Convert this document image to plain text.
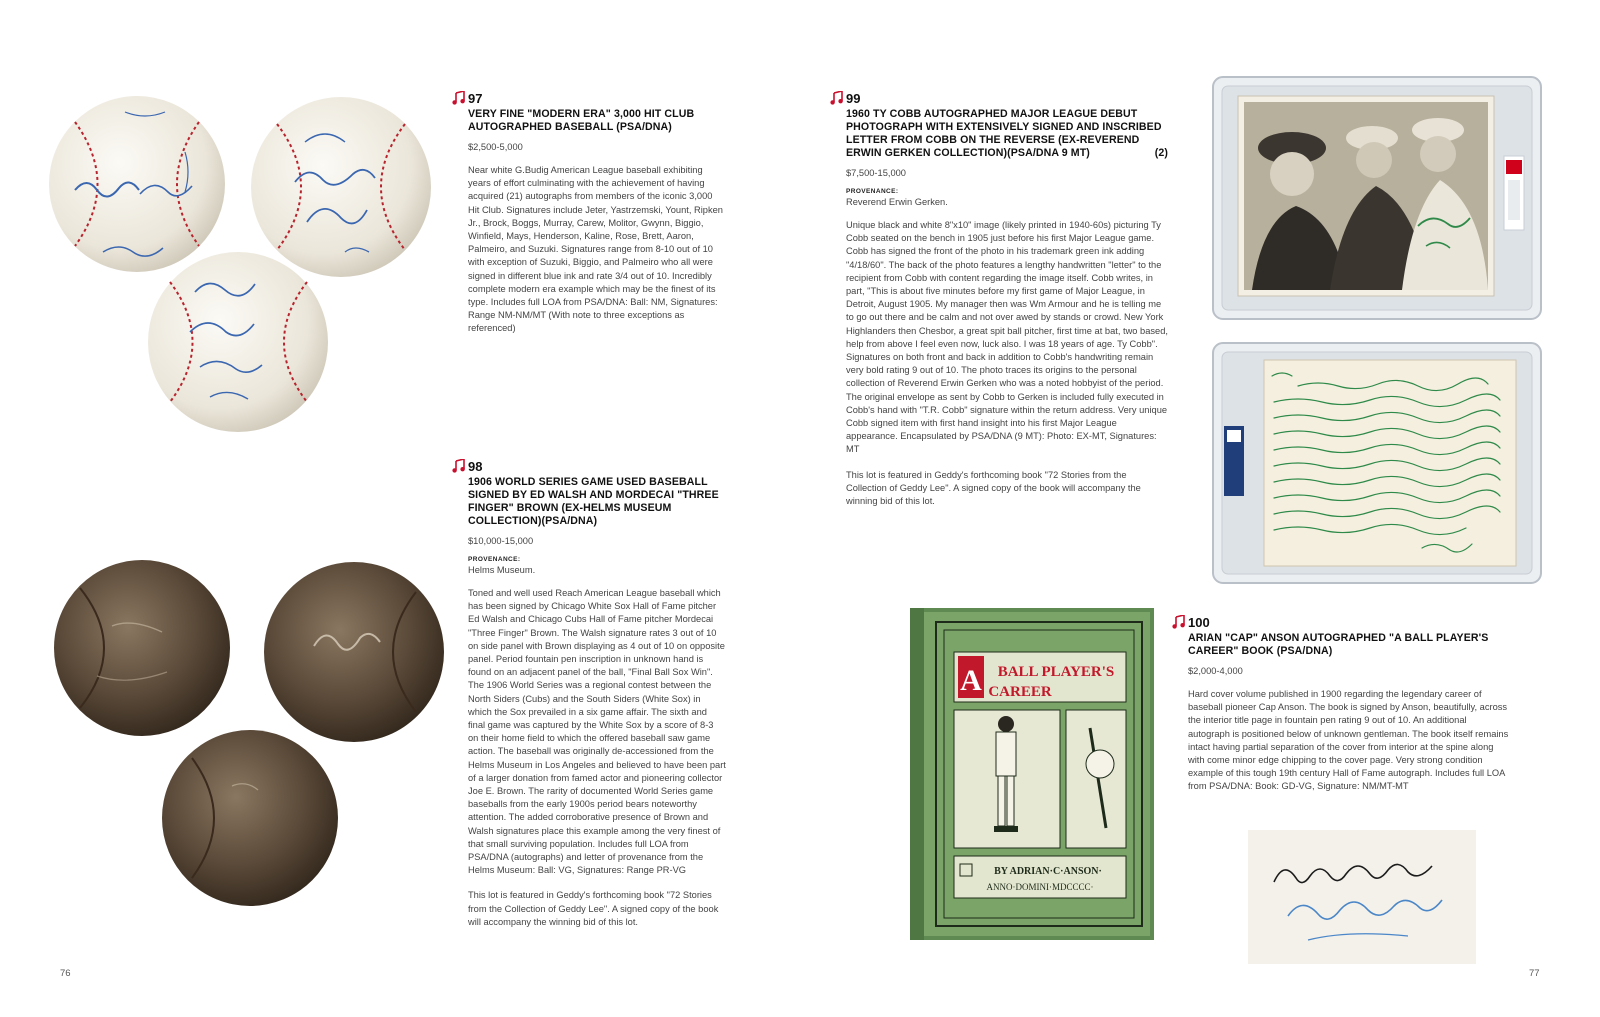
97
VERY FINE "MODERN ERA" 3,000 HIT CLUB AUTOGRAPHED BASEBALL (PSA/DNA)
$2,500-5,000
Near white G.Budig American League baseball exhibiting years of effort culminating with the achievement of having acquired (21) autographs from members of the iconic 3,000 Hit Club. Signatures include Jeter, Yastrzemski, Yount, Ripken Jr., Brock, Boggs, Murray, Carew, Molitor, Gwynn, Biggio, Winfield, Mays, Henderson, Kaline, Rose, Brett, Aaron, Palmeiro, and Suzuki. Signatures range from 8-10 out of 10 with exception of Suzuki, Biggio, and Palmeiro who all were signed in different blue ink and rate 3/4 out of 10. Incredibly complete modern era example which may be the finest of its type. Includes full LOA from PSA/DNA: Ball: NM, Signatures: Range NM-NM/MT (With note to three exceptions as referenced)
98
1906 WORLD SERIES GAME USED BASEBALL SIGNED BY ED WALSH AND MORDECAI "THREE FINGER" BROWN (EX-HELMS MUSEUM COLLECTION)(PSA/DNA)
$10,000-15,000
PROVENANCE:
Helms Museum.
Toned and well used Reach American League baseball which has been signed by Chicago White Sox Hall of Fame pitcher Ed Walsh and Chicago Cubs Hall of Fame pitcher Mordecai "Three Finger" Brown. The Walsh signature rates 3 out of 10 on side panel with Brown displaying as 4 out of 10 on opposite panel. Period fountain pen inscription in unknown hand is found on an adjacent panel of the ball, "Final Ball Sox Win". The 1906 World Series was a regional contest between the North Siders (Cubs) and the South Siders (White Sox) in which the Sox prevailed in a six game affair. The sixth and final game was captured by the White Sox by a score of 8-3 on their home field to which the offered baseball saw game action. The baseball was originally de-accessioned from the Helms Museum in Los Angeles and believed to have been part of a larger donation from famed actor and pioneering collector Joe E. Brown. The rarity of documented World Series game baseballs from the early 1900s period bears noteworthy attention. The added corroborative presence of Brown and Walsh signatures place this example among the very finest of that small surviving population. Includes full LOA from PSA/DNA (autographs) and letter of provenance from the Helms Museum: Ball: VG, Signatures: Range PR-VG
This lot is featured in Geddy's forthcoming book "72 Stories from the Collection of Geddy Lee". A signed copy of the book will accompany the winning bid of this lot.
76
99
1960 TY COBB AUTOGRAPHED MAJOR LEAGUE DEBUT PHOTOGRAPH WITH EXTENSIVELY SIGNED AND INSCRIBED LETTER FROM COBB ON THE REVERSE (EX-REVEREND ERWIN GERKEN COLLECTION)(PSA/DNA 9 MT)	(2)
$7,500-15,000
PROVENANCE:
Reverend Erwin Gerken.
Unique black and white 8"x10" image (likely printed in 1940-60s) picturing Ty Cobb seated on the bench in 1905 just before his first Major League game. Cobb has signed the front of the photo in his trademark green ink adding "4/18/60". The back of the photo features a lengthy handwritten "letter" to the recipient from Cobb with content regarding the image itself. Cobb writes, in part, "This is about five minutes before my first game of Major League, in Detroit, August 1905. My manager then was Wm Armour and he is telling me to go out there and be calm and not over awed by stands or crowd. New York Highlanders then Chesbor, a great spit ball pitcher, first time at bat, two based, help from above I feel even now, luck also. I was 18 years of age. Ty Cobb". Signatures on both front and back in addition to Cobb's handwriting remain very bold rating 9 out of 10. The photo traces its origins to the personal collection of Reverend Erwin Gerken who was a noted hobbyist of the period. The original envelope as sent by Cobb to Gerken is included fully executed in Cobb's hand with "T.R. Cobb" signature within the return address. Very unique Cobb signed item with first hand insight into his first Major League appearance. Encapsulated by PSA/DNA (9 MT): Photo: EX-MT, Signatures: MT
This lot is featured in Geddy's forthcoming book "72 Stories from the Collection of Geddy Lee". A signed copy of the book will accompany the winning bid of this lot.
100
ARIAN "CAP" ANSON AUTOGRAPHED "A BALL PLAYER'S CAREER" BOOK (PSA/DNA)
$2,000-4,000
Hard cover volume published in 1900 regarding the legendary career of baseball pioneer Cap Anson. The book is signed by Anson, beautifully, across the interior title page in fountain pen rating 9 out of 10. An additional autograph is positioned below of unknown gentleman. The book itself remains intact having partial separation of the cover from interior at the spine along with come minor edge chipping to the cover page. Very strong condition example of this tough 19th century Hall of Fame autograph. Includes full LOA from PSA/DNA: Book: GD-VG, Signature: NM/MT-MT
77
A BALL PLAYER'S
CAREER
BY ADRIAN·C·ANSON·
ANNO·DOMINI·MDCCCC·
